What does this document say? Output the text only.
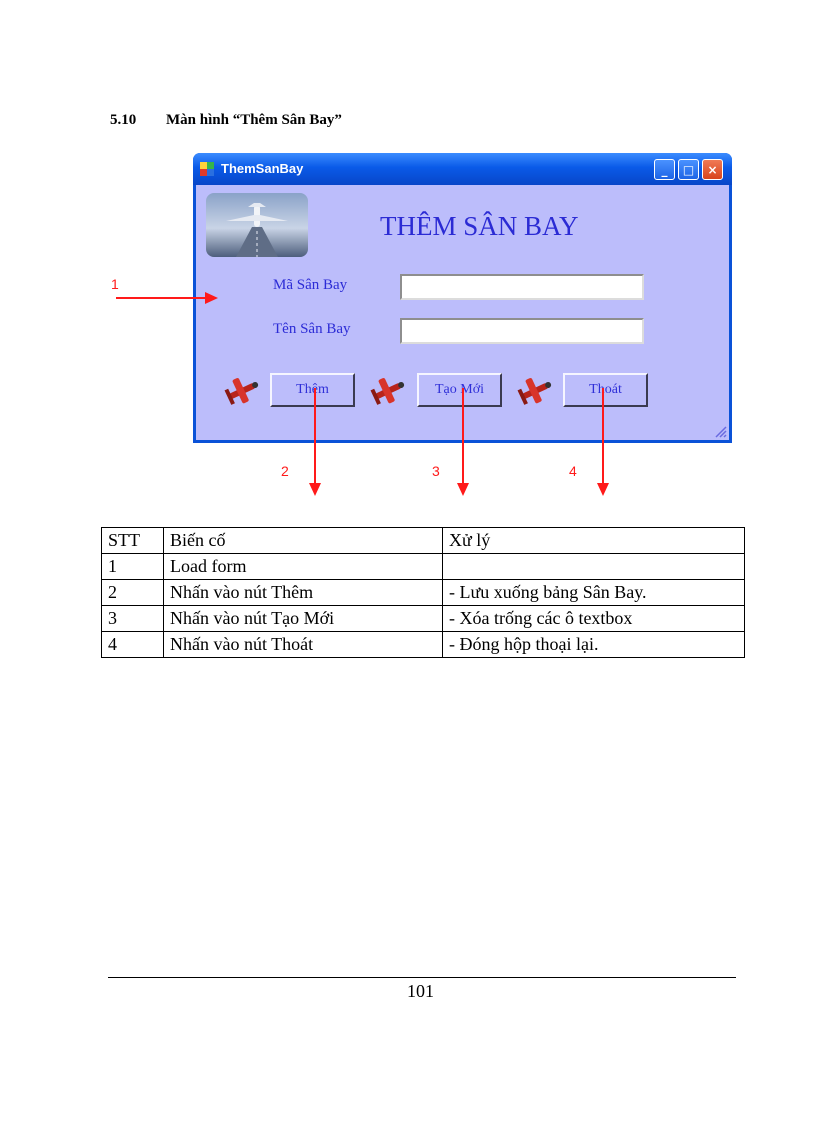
5.10	Màn hình “Thêm Sân Bay”
ThemSanBay	_ □ ×
THÊM SÂN BAY
Mã Sân Bay
Tên Sân Bay
Thêm	Tạo Mới	Thoát
1
2	3	4
STT	Biến cố	Xử lý
1	Load form	
2	Nhấn vào nút Thêm	- Lưu xuống bảng Sân Bay.
3	Nhấn vào nút Tạo Mới	- Xóa trống các ô textbox
4	Nhấn vào nút Thoát	- Đóng hộp thoại lại.
101
